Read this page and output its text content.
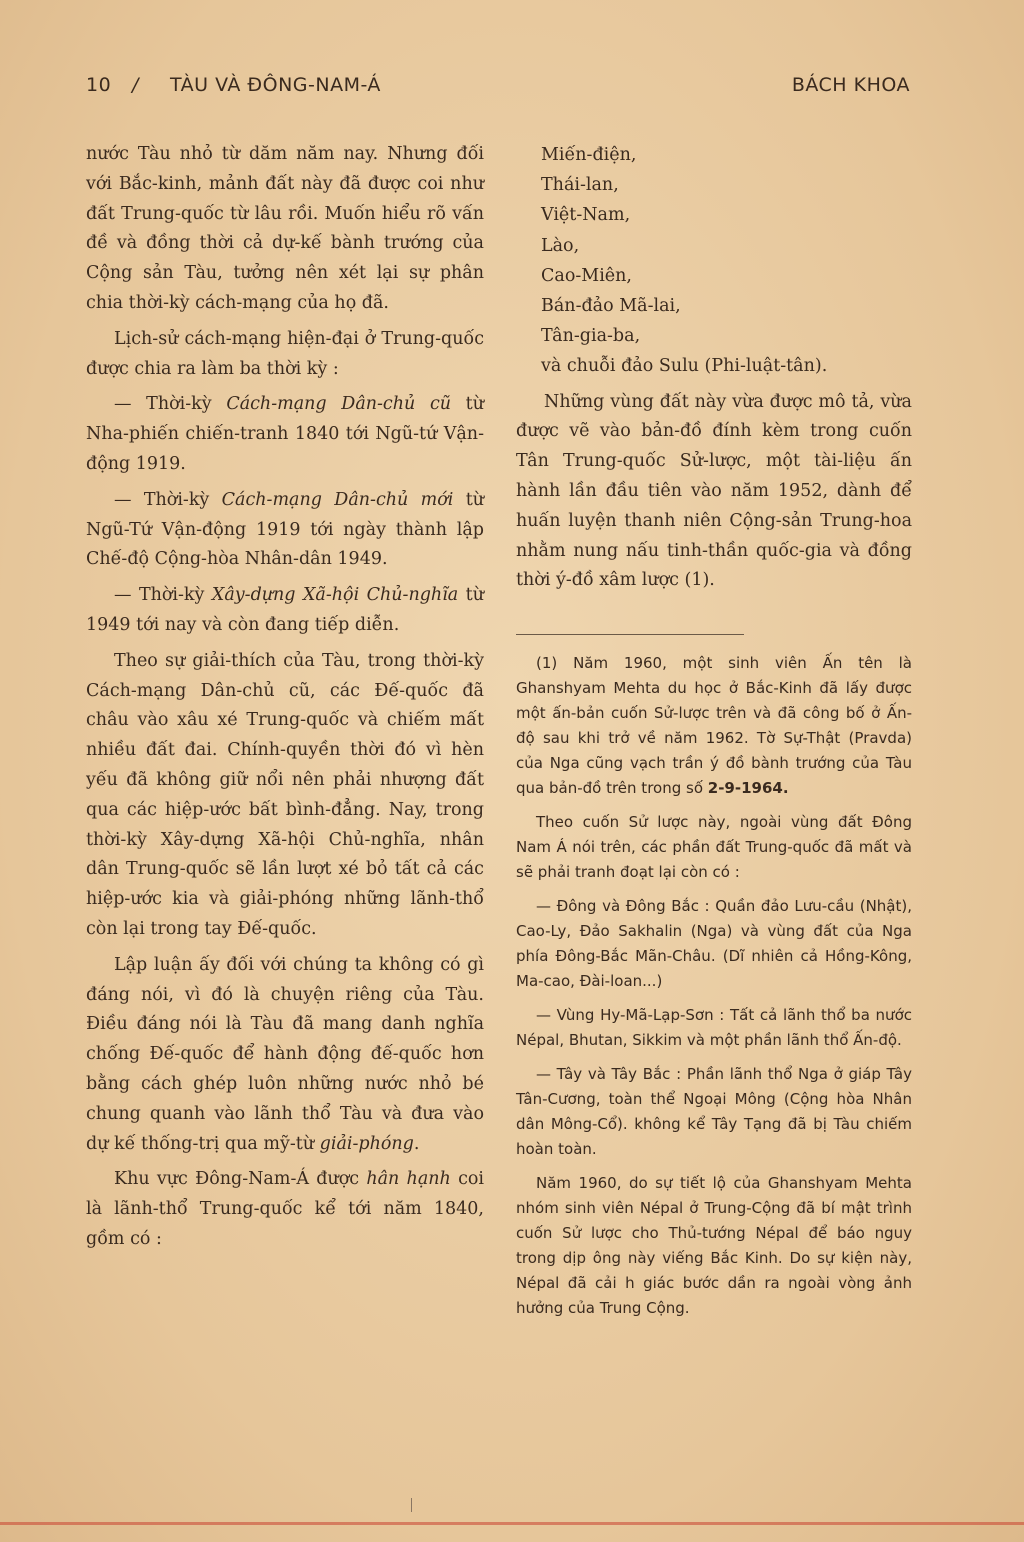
10 / TÀU VÀ ĐÔNG-NAM-Á	BÁCH KHOA

nước Tàu nhỏ từ dăm năm nay. Nhưng đối với Bắc-kinh, mảnh đất này đã được coi như đất Trung-quốc từ lâu rồi. Muốn hiểu rõ vấn đề và đồng thời cả dự-kế bành trướng của Cộng sản Tàu, tưởng nên xét lại sự phân chia thời-kỳ cách-mạng của họ đã.

Lịch-sử cách-mạng hiện-đại ở Trung-quốc được chia ra làm ba thời kỳ :

— Thời-kỳ Cách-mạng Dân-chủ cũ từ Nha-phiến chiến-tranh 1840 tới Ngũ-tứ Vận-động 1919.

— Thời-kỳ Cách-mạng Dân-chủ mới từ Ngũ-Tứ Vận-động 1919 tới ngày thành lập Chế-độ Cộng-hòa Nhân-dân 1949.

— Thời-kỳ Xây-dựng Xã-hội Chủ-nghĩa từ 1949 tới nay và còn đang tiếp diễn.

Theo sự giải-thích của Tàu, trong thời-kỳ Cách-mạng Dân-chủ cũ, các Đế-quốc đã châu vào xâu xé Trung-quốc và chiếm mất nhiều đất đai. Chính-quyền thời đó vì hèn yếu đã không giữ nổi nên phải nhượng đất qua các hiệp-ước bất bình-đẳng. Nay, trong thời-kỳ Xây-dựng Xã-hội Chủ-nghĩa, nhân dân Trung-quốc sẽ lần lượt xé bỏ tất cả các hiệp-ước kia và giải-phóng những lãnh-thổ còn lại trong tay Đế-quốc.

Lập luận ấy đối với chúng ta không có gì đáng nói, vì đó là chuyện riêng của Tàu. Điều đáng nói là Tàu đã mang danh nghĩa chống Đế-quốc để hành động đế-quốc hơn bằng cách ghép luôn những nước nhỏ bé chung quanh vào lãnh thổ Tàu và đưa vào dự kế thống-trị qua mỹ-từ giải-phóng.

Khu vực Đông-Nam-Á được hân hạnh coi là lãnh-thổ Trung-quốc kể tới năm 1840, gồm có :

Miến-điện,
Thái-lan,
Việt-Nam,
Lào,
Cao-Miên,
Bán-đảo Mã-lai,
Tân-gia-ba,
và chuỗi đảo Sulu (Phi-luật-tân).

Những vùng đất này vừa được mô tả, vừa được vẽ vào bản-đồ đính kèm trong cuốn Tân Trung-quốc Sử-lược, một tài-liệu ấn hành lần đầu tiên vào năm 1952, dành để huấn luyện thanh niên Cộng-sản Trung-hoa nhằm nung nấu tinh-thần quốc-gia và đồng thời ý-đồ xâm lược (1).

(1) Năm 1960, một sinh viên Ấn tên là Ghanshyam Mehta du học ở Bắc-Kinh đã lấy được một ấn-bản cuốn Sử-lược trên và đã công bố ở Ấn-độ sau khi trở về năm 1962. Tờ Sự-Thật (Pravda) của Nga cũng vạch trần ý đồ bành trướng của Tàu qua bản-đồ trên trong số 2-9-1964.

Theo cuốn Sử lược này, ngoài vùng đất Đông Nam Á nói trên, các phần đất Trung-quốc đã mất và sẽ phải tranh đoạt lại còn có :

— Đông và Đông Bắc : Quần đảo Lưu-cầu (Nhật), Cao-Ly, Đảo Sakhalin (Nga) và vùng đất của Nga phía Đông-Bắc Mãn-Châu. (Dĩ nhiên cả Hồng-Kông, Ma-cao, Đài-loan...)

— Vùng Hy-Mã-Lạp-Sơn : Tất cả lãnh thổ ba nước Népal, Bhutan, Sikkim và một phần lãnh thổ Ấn-độ.

— Tây và Tây Bắc : Phần lãnh thổ Nga ở giáp Tây Tân-Cương, toàn thể Ngoại Mông (Cộng hòa Nhân dân Mông-Cổ). không kể Tây Tạng đã bị Tàu chiếm hoàn toàn.

Năm 1960, do sự tiết lộ của Ghanshyam Mehta nhóm sinh viên Népal ở Trung-Cộng đã bí mật trình cuốn Sử lược cho Thủ-tướng Népal để báo nguy trong dịp ông này viếng Bắc Kinh. Do sự kiện này, Népal đã cải h giác bước dần ra ngoài vòng ảnh hưởng của Trung Cộng.
